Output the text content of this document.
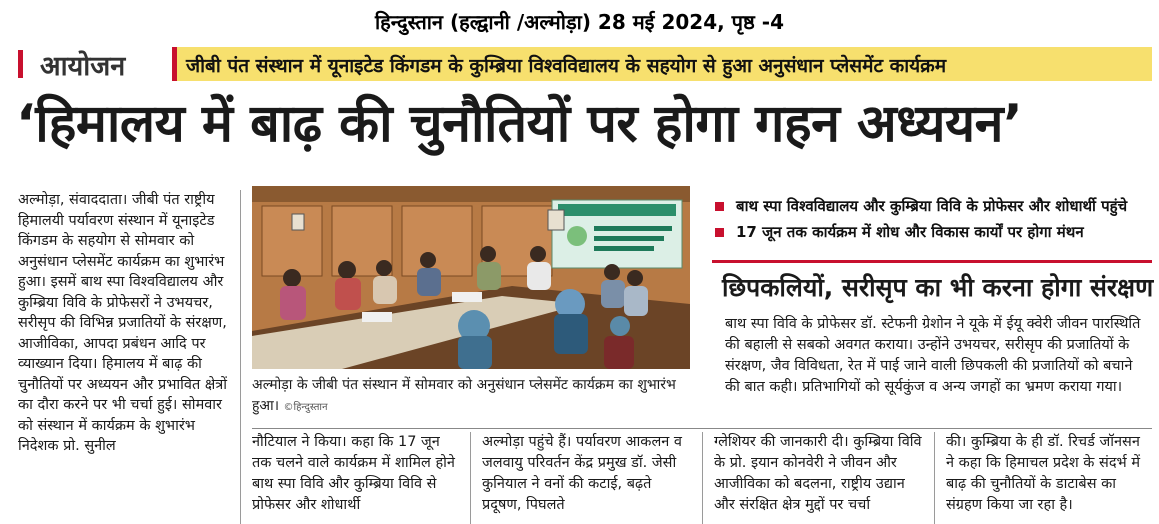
हिन्दुस्तान (हल्द्वानी /अल्मोड़ा) 28 मई 2024, पृष्ठ -4
आयोजन	जीबी पंत संस्थान में यूनाइटेड किंगडम के कुम्ब्रिया विश्वविद्यालय के सहयोग से हुआ अनुसंधान प्लेसमेंट कार्यक्रम
‘हिमालय में बाढ़ की चुनौतियों पर होगा गहन अध्ययन’
अल्मोड़ा, संवाददाता। जीबी पंत राष्ट्रीय हिमालयी पर्यावरण संस्थान में यूनाइटेड किंगडम के सहयोग से सोमवार को अनुसंधान प्लेसमेंट कार्यक्रम का शुभारंभ हुआ। इसमें बाथ स्पा विश्वविद्यालय और कुम्ब्रिया विवि के प्रोफेसरों ने उभयचर, सरीसृप की विभिन्न प्रजातियों के संरक्षण, आजीविका, आपदा प्रबंधन आदि पर व्याख्यान दिया। हिमालय में बाढ़ की चुनौतियों पर अध्ययन और प्रभावित क्षेत्रों का दौरा करने पर भी चर्चा हुई। सोमवार को संस्थान में कार्यक्रम के शुभारंभ निदेशक प्रो. सुनील
अल्मोड़ा के जीबी पंत संस्थान में सोमवार को अनुसंधान प्लेसमेंट कार्यक्रम का शुभारंभ हुआ। ©हिन्दुस्तान
बाथ स्पा विश्वविद्यालय और कुम्ब्रिया विवि के प्रोफेसर और शोधार्थी पहुंचे
17 जून तक कार्यक्रम में शोध और विकास कार्यों पर होगा मंथन
छिपकलियों, सरीसृप का भी करना होगा संरक्षण
बाथ स्पा विवि के प्रोफेसर डॉ. स्टेफनी ग्रेशोन ने यूके में ईयू क्वेरी जीवन पारस्थिति की बहाली से सबको अवगत कराया। उन्होंने उभयचर, सरीसृप की प्रजातियों के संरक्षण, जैव विविधता, रेत में पाई जाने वाली छिपकली की प्रजातियों को बचाने की बात कही। प्रतिभागियों को सूर्यकुंज व अन्य जगहों का भ्रमण कराया गया।
नौटियाल ने किया। कहा कि 17 जून तक चलने वाले कार्यक्रम में शामिल होने बाथ स्पा विवि और कुम्ब्रिया विवि से प्रोफेसर और शोधार्थी
अल्मोड़ा पहुंचे हैं। पर्यावरण आकलन व जलवायु परिवर्तन केंद्र प्रमुख डॉ. जेसी कुनियाल ने वनों की कटाई, बढ़ते प्रदूषण, पिघलते
ग्लेशियर की जानकारी दी। कुम्ब्रिया विवि के प्रो. इयान कोनवेरी ने जीवन और आजीविका को बदलना, राष्ट्रीय उद्यान और संरक्षित क्षेत्र मुद्दों पर चर्चा
की। कुम्ब्रिया के ही डॉ. रिचर्ड जॉनसन ने कहा कि हिमाचल प्रदेश के संदर्भ में बाढ़ की चुनौतियों के डाटाबेस का संग्रहण किया जा रहा है।
